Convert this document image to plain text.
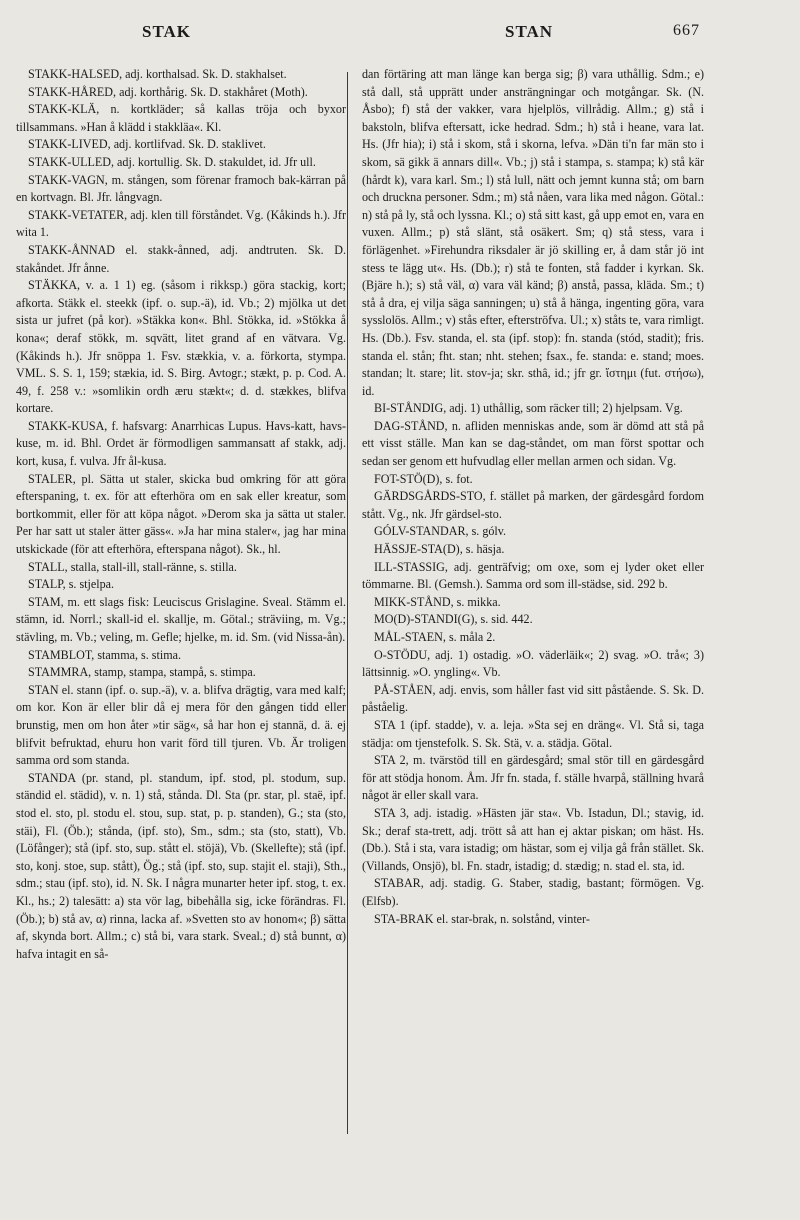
STAK	STAN	667

STAKK-HALSED, adj. korthalsad. Sk. D. stakhalset.

STAKK-HÅRED, adj. korthårig. Sk. D. stakhåret (Moth).

STAKK-KLÄ, n. kortkläder; så kallas tröja och byxor tillsammans. »Han å klädd i stakkläa«. Kl.

STAKK-LIVED, adj. kortlifvad. Sk. D. staklivet.

STAKK-ULLED, adj. kortullig. Sk. D. stakuldet, id. Jfr ull.

STAKK-VAGN, m. stången, som förenar framoch bak-kärran på en kortvagn. Bl. Jfr. långvagn.

STAKK-VETATER, adj. klen till förståndet. Vg. (Kåkinds h.). Jfr wita 1.

STAKK-ÅNNAD el. stakk-ånned, adj. andtruten. Sk. D. stakåndet. Jfr ånne.

STÄKKA, v. a. 1 1) eg. (såsom i rikksp.) göra stackig, kort; afkorta. Stäkk el. steekk (ipf. o. sup.-ä), id. Vb.; 2) mjölka ut det sista ur jufret (på kor). »Stäkka kon«. Bhl. Stökka, id. »Stökka å kona«; deraf stökk, m. sqvätt, litet grand af en vätvara. Vg. (Kåkinds h.). Jfr snöppa 1. Fsv. stækkia, v. a. förkorta, stympa. VML. S. S. 1, 159; stækia, id. S. Birg. Avtogr.; stækt, p. p. Cod. A. 49, f. 258 v.: »somlikin ordh æru stækt«; d. d. stækkes, blifva kortare.

STAKK-KUSA, f. hafsvarg: Anarrhicas Lupus. Havs-katt, havs-kuse, m. id. Bhl. Ordet är förmodligen sammansatt af stakk, adj. kort, kusa, f. vulva. Jfr ål-kusa.

STALER, pl. Sätta ut staler, skicka bud omkring för att göra efterspaning, t. ex. för att efterhöra om en sak eller kreatur, som bortkommit, eller för att köpa något. »Derom ska ja sätta ut staler. Per har satt ut staler ätter gäss«. »Ja har mina staler«, jag har mina utskickade (för att efterhöra, efterspana något). Sk., hl.

STALL, stalla, stall-ill, stall-ränne, s. stilla.

STALP, s. stjelpa.

STAM, m. ett slags fisk: Leuciscus Grislagine. Sveal. Stämm el. stämn, id. Norrl.; skall-id el. skallje, m. Götal.; sträviing, m. Vg.; stävling, m. Vb.; veling, m. Gefle; hjelke, m. id. Sm. (vid Nissa-ån).

STAMBLOT, stamma, s. stima.

STAMMRA, stamp, stampa, stampå, s. stimpa.

STAN el. stann (ipf. o. sup.-ä), v. a. blifva drägtig, vara med kalf; om kor. Kon är eller blir då ej mera för den gången tidd eller brunstig, men om hon åter »tir säg«, så har hon ej stannä, d. ä. ej blifvit befruktad, ehuru hon varit förd till tjuren. Vb. Är troligen samma ord som standa.

STANDA (pr. stand, pl. standum, ipf. stod, pl. stodum, sup. ständid el. städid), v. n. 1) stå, stånda. Dl. Sta (pr. star, pl. staë, ipf. stod el. sto, pl. stodu el. stou, sup. stat, p. p. standen), G.; sta (sto, stäi), Fl. (Öb.); stånda, (ipf. sto), Sm., sdm.; sta (sto, statt), Vb. (Löfånger); stå (ipf. sto, sup. stått el. stöjä), Vb. (Skellefte); stå (ipf. sto, konj. stoe, sup. stått), Ög.; stå (ipf. sto, sup. stajit el. staji), Sth., sdm.; stau (ipf. sto), id. N. Sk. I några munarter heter ipf. stog, t. ex. Kl., hs.; 2) talesätt: a) sta vör lag, bibehålla sig, icke förändras. Fl. (Öb.); b) stå av, α) rinna, lacka af. »Svetten sto av honom«; β) sätta af, skynda bort. Allm.; c) stå bi, vara stark. Sveal.; d) stå bunnt, α) hafva intagit en så-

dan förtäring att man länge kan berga sig; β) vara uthållig. Sdm.; e) stå dall, stå upprätt under ansträngningar och motgångar. Sk. (N. Åsbo); f) stå der vakker, vara hjelplös, villrådig. Allm.; g) stå i bakstoln, blifva eftersatt, icke hedrad. Sdm.; h) stå i heane, vara lat. Hs. (Jfr hia); i) stå i skom, stå i skorna, lefva. »Dän ti'n far män sto i skom, sä gikk ä annars dill«. Vb.; j) stå i stampa, s. stampa; k) stå kär (hårdt k), vara karl. Sm.; l) stå lull, nätt och jemnt kunna stå; om barn och druckna personer. Sdm.; m) stå nåen, vara lika med någon. Götal.: n) stå på ly, stå och lyssna. Kl.; o) stå sitt kast, gå upp emot en, vara en vuxen. Allm.; p) stå slänt, stå osäkert. Sm; q) stå stess, vara i förlägenhet. »Firehundra riksdaler är jö skilling er, å dam står jö int stess te lägg ut«. Hs. (Db.); r) stå te fonten, stå fadder i kyrkan. Sk. (Bjäre h.); s) stå väl, α) vara väl känd; β) anstå, passa, kläda. Sm.; t) stå å dra, ej vilja säga sanningen; u) stå å hänga, ingenting göra, vara sysslolös. Allm.; v) stås efter, efterströfva. Ul.; x) ståts te, vara rimligt. Hs. (Db.). Fsv. standa, el. sta (ipf. stop): fn. standa (stód, stadit); fris. standa el. stån; fht. stan; nht. stehen; fsax., fe. standa: e. stand; moes. standan; lt. stare; lit. stov-ja; skr. sthâ, id.; jfr gr. ἵστημι (fut. στήσω), id.

BI-STÅNDIG, adj. 1) uthållig, som räcker till; 2) hjelpsam. Vg.

DAG-STÅND, n. afliden menniskas ande, som är dömd att stå på ett visst ställe. Man kan se dag-ståndet, om man först spottar och sedan ser genom ett hufvudlag eller mellan armen och sidan. Vg.

FOT-STÖ(D), s. fot.

GÄRDSGÅRDS-STO, f. stället på marken, der gärdesgård fordom stått. Vg., nk. Jfr gärdsel-sto.

GÓLV-STANDAR, s. gólv.

HÄSSJE-STA(D), s. häsja.

ILL-STASSIG, adj. genträfvig; om oxe, som ej lyder oket eller tömmarne. Bl. (Gemsh.). Samma ord som ill-städse, sid. 292 b.

MIKK-STÅND, s. mikka.

MO(D)-STANDI(G), s. sid. 442.

MÅL-STAEN, s. måla 2.

O-STÖDU, adj. 1) ostadig. »O. väderläik«; 2) svag. »O. trå«; 3) lättsinnig. »O. yngling«. Vb.

PÅ-STÅEN, adj. envis, som håller fast vid sitt påstående. S. Sk. D. påståelig.

STA 1 (ipf. stadde), v. a. leja. »Sta sej en dräng«. Vl. Stå si, taga städja: om tjenstefolk. S. Sk. Stä, v. a. städja. Götal.

STA 2, m. tvärstöd till en gärdesgård; smal stör till en gärdesgård för att stödja honom. Åm. Jfr fn. stada, f. ställe hvarpå, ställning hvarå något är eller skall vara.

STA 3, adj. istadig. »Hästen jär sta«. Vb. Istadun, Dl.; stavig, id. Sk.; deraf sta-trett, adj. trött så att han ej aktar piskan; om häst. Hs. (Db.). Stå i sta, vara istadig; om hästar, som ej vilja gå från stället. Sk. (Villands, Onsjö), bl. Fn. stadr, istadig; d. stædig; n. stad el. sta, id.

STABAR, adj. stadig. G. Staber, stadig, bastant; förmögen. Vg. (Elfsb).

STA-BRAK el. star-brak, n. solstånd, vinter-
